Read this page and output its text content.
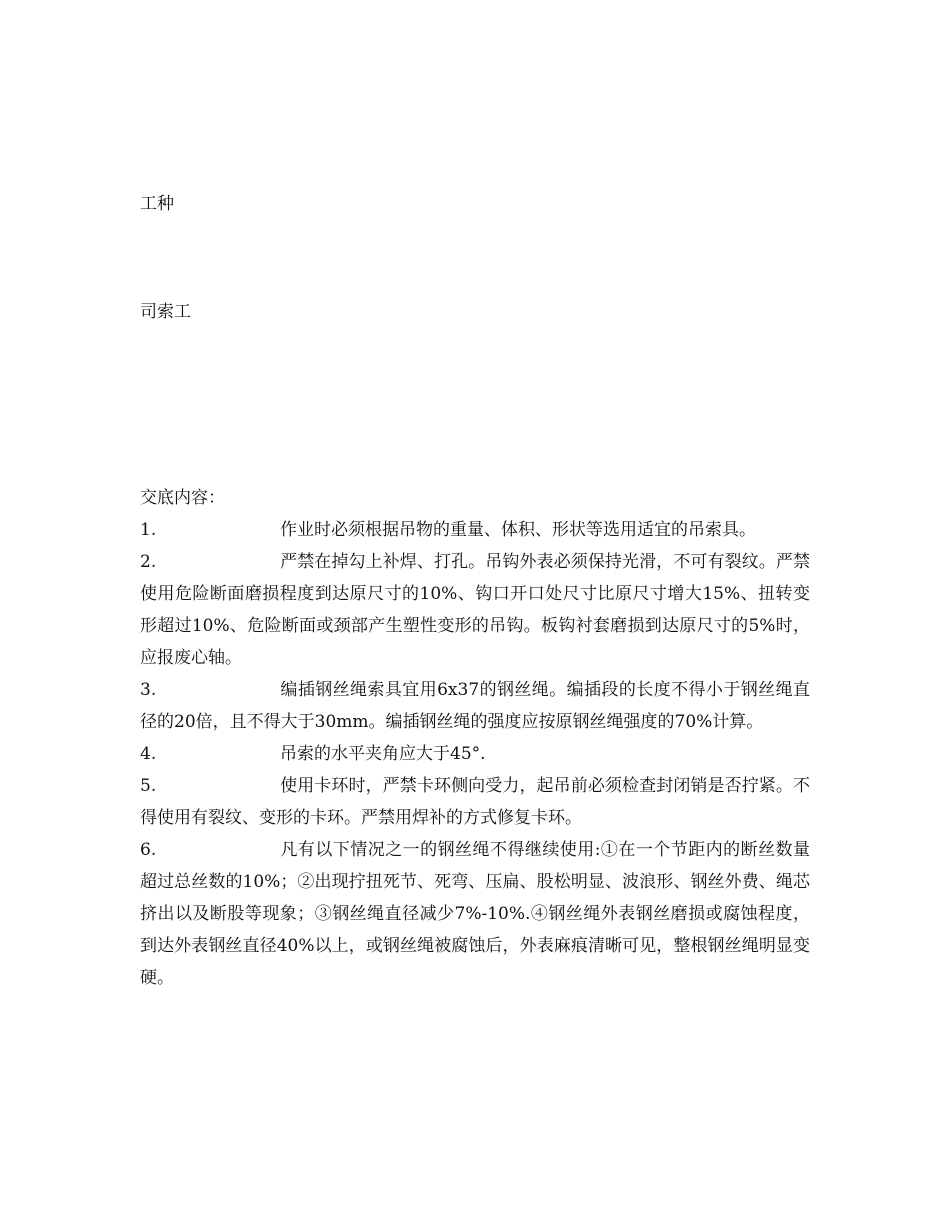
工种

司索工

交底内容：

1.	作业时必须根据吊物的重量、体积、形状等选用适宜的吊索具。
2.	严禁在掉勾上补焊、打孔。吊钩外表必须保持光滑，不可有裂纹。严禁使用危险断面磨损程度到达原尺寸的10%、钩口开口处尺寸比原尺寸增大15%、扭转变形超过10%、危险断面或颈部产生塑性变形的吊钩。板钩衬套磨损到达原尺寸的5%时，应报废心轴。
3.	编插钢丝绳索具宜用6x37的钢丝绳。编插段的长度不得小于钢丝绳直径的20倍，且不得大于30mm。编插钢丝绳的强度应按原钢丝绳强度的70%计算。
4.	吊索的水平夹角应大于45°.
5.	使用卡环时，严禁卡环侧向受力，起吊前必须检查封闭销是否拧紧。不得使用有裂纹、变形的卡环。严禁用焊补的方式修复卡环。
6.	凡有以下情况之一的钢丝绳不得继续使用:①在一个节距内的断丝数量超过总丝数的10%；②出现拧扭死节、死弯、压扁、股松明显、波浪形、钢丝外费、绳芯挤出以及断股等现象；③钢丝绳直径减少7%-10%.④钢丝绳外表钢丝磨损或腐蚀程度，到达外表钢丝直径40%以上，或钢丝绳被腐蚀后，外表麻痕清晰可见，整根钢丝绳明显变硬。
